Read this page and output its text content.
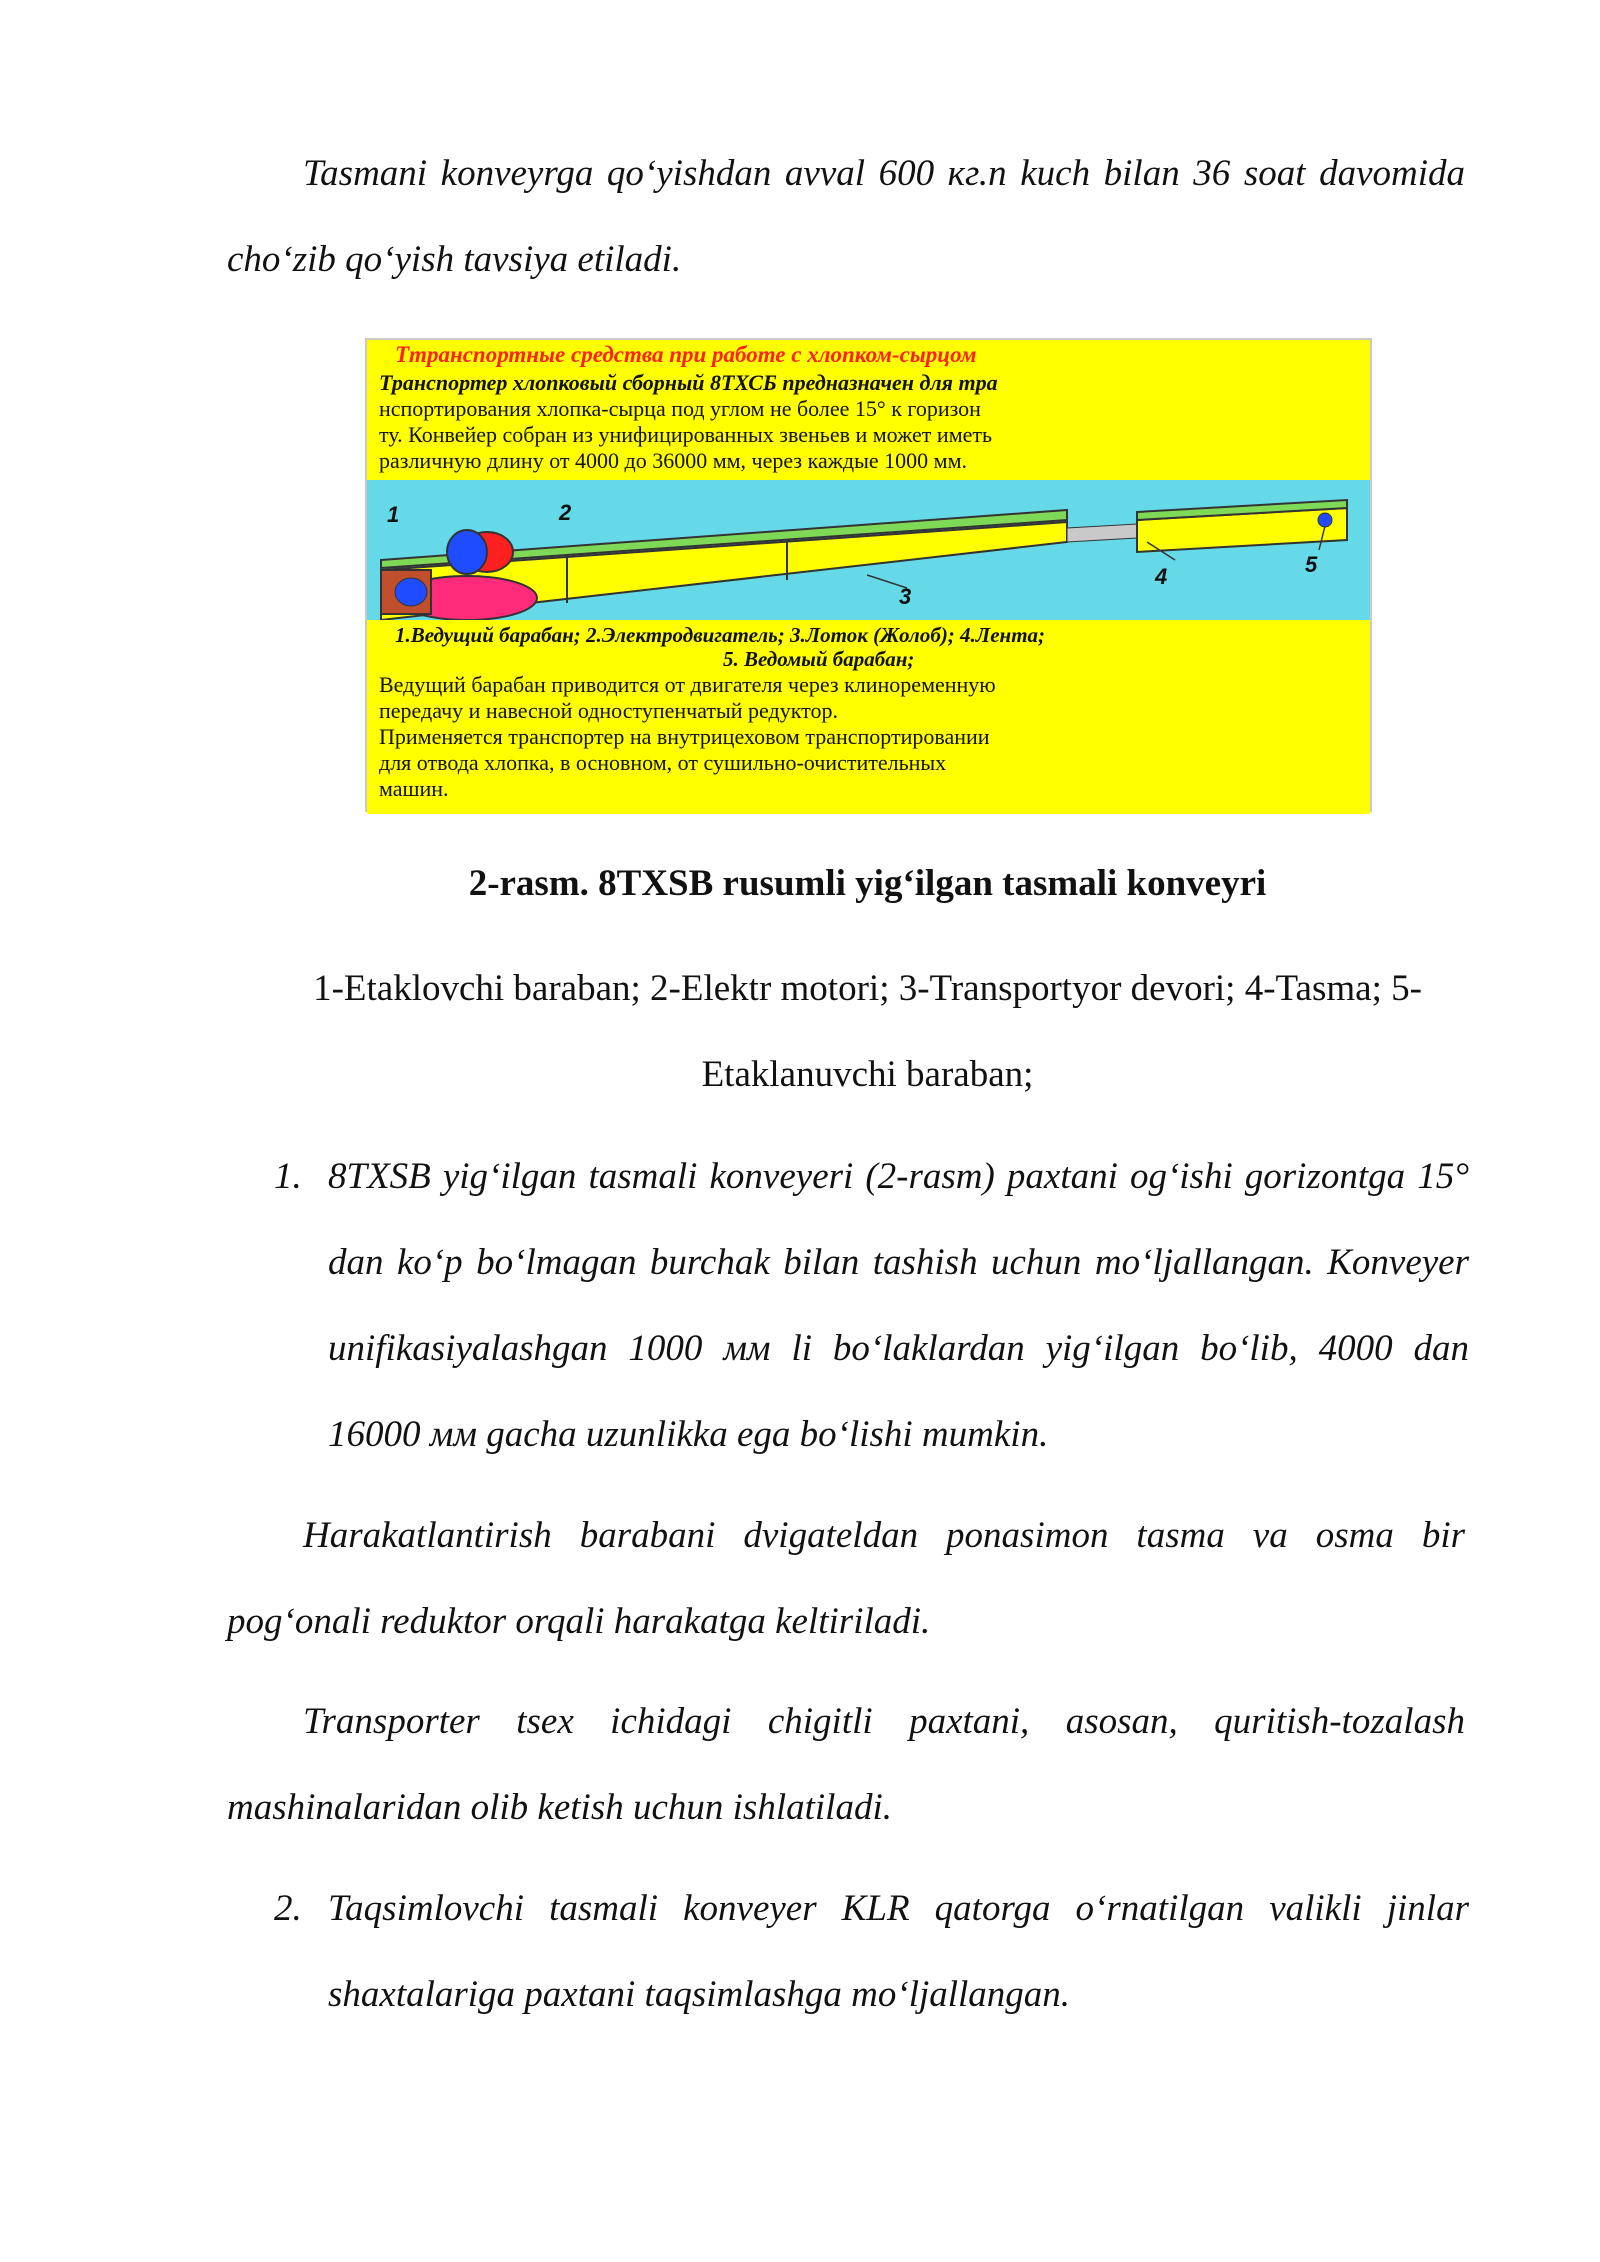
Tasmani konveyrga qo‘yishdan avval 600 кг.n kuch bilan 36 soat davomida cho‘zib qo‘yish tavsiya etiladi.

Ттранспортные средства при работе с хлопком-сырцом
Транспортер хлопковый сборный 8ТХСБ предназначен для тра
нспортирования хлопка-сырца под углом не более 15° к горизон
ту. Конвейер собран из унифицированных звеньев и может иметь
различную длину от 4000 до 36000 мм, через каждые 1000 мм.
1	2
3
4	5
1.Ведущий барабан; 2.Электродвигатель; 3.Лоток (Жолоб); 4.Лента;
5. Ведомый барабан;
Ведущий барабан приводится от двигателя через клиноременную
передачу и навесной одноступенчатый редуктор.
Применяется транспортер на внутрицеховом транспортировании
для отвода хлопка, в основном, от сушильно-очистительных
машин.
2-rasm. 8TXSB rusumli yig‘ilgan tasmali konveyri
1-Etaklovchi baraban; 2-Elektr motori; 3-Transportyor devori; 4-Tasma; 5-Etaklanuvchi baraban;
1. 8TXSB yig‘ilgan tasmali konveyeri (2-rasm) paxtani og‘ishi gorizontga 15° dan ko‘p bo‘lmagan burchak bilan tashish uchun mo‘ljallangan. Konveyer unifikasiyalashgan 1000 мм li bo‘laklardan yig‘ilgan bo‘lib, 4000 dan 16000 мм gacha uzunlikka ega bo‘lishi mumkin.

Harakatlantirish barabani dvigateldan ponasimon tasma va osma bir pog‘onali reduktor orqali harakatga keltiriladi.

Transporter tsex ichidagi chigitli paxtani, asosan, quritish-tozalash mashinalaridan olib ketish uchun ishlatiladi.

2. Taqsimlovchi tasmali konveyer KLR qatorga o‘rnatilgan valikli jinlar shaxtalariga paxtani taqsimlashga mo‘ljallangan.
